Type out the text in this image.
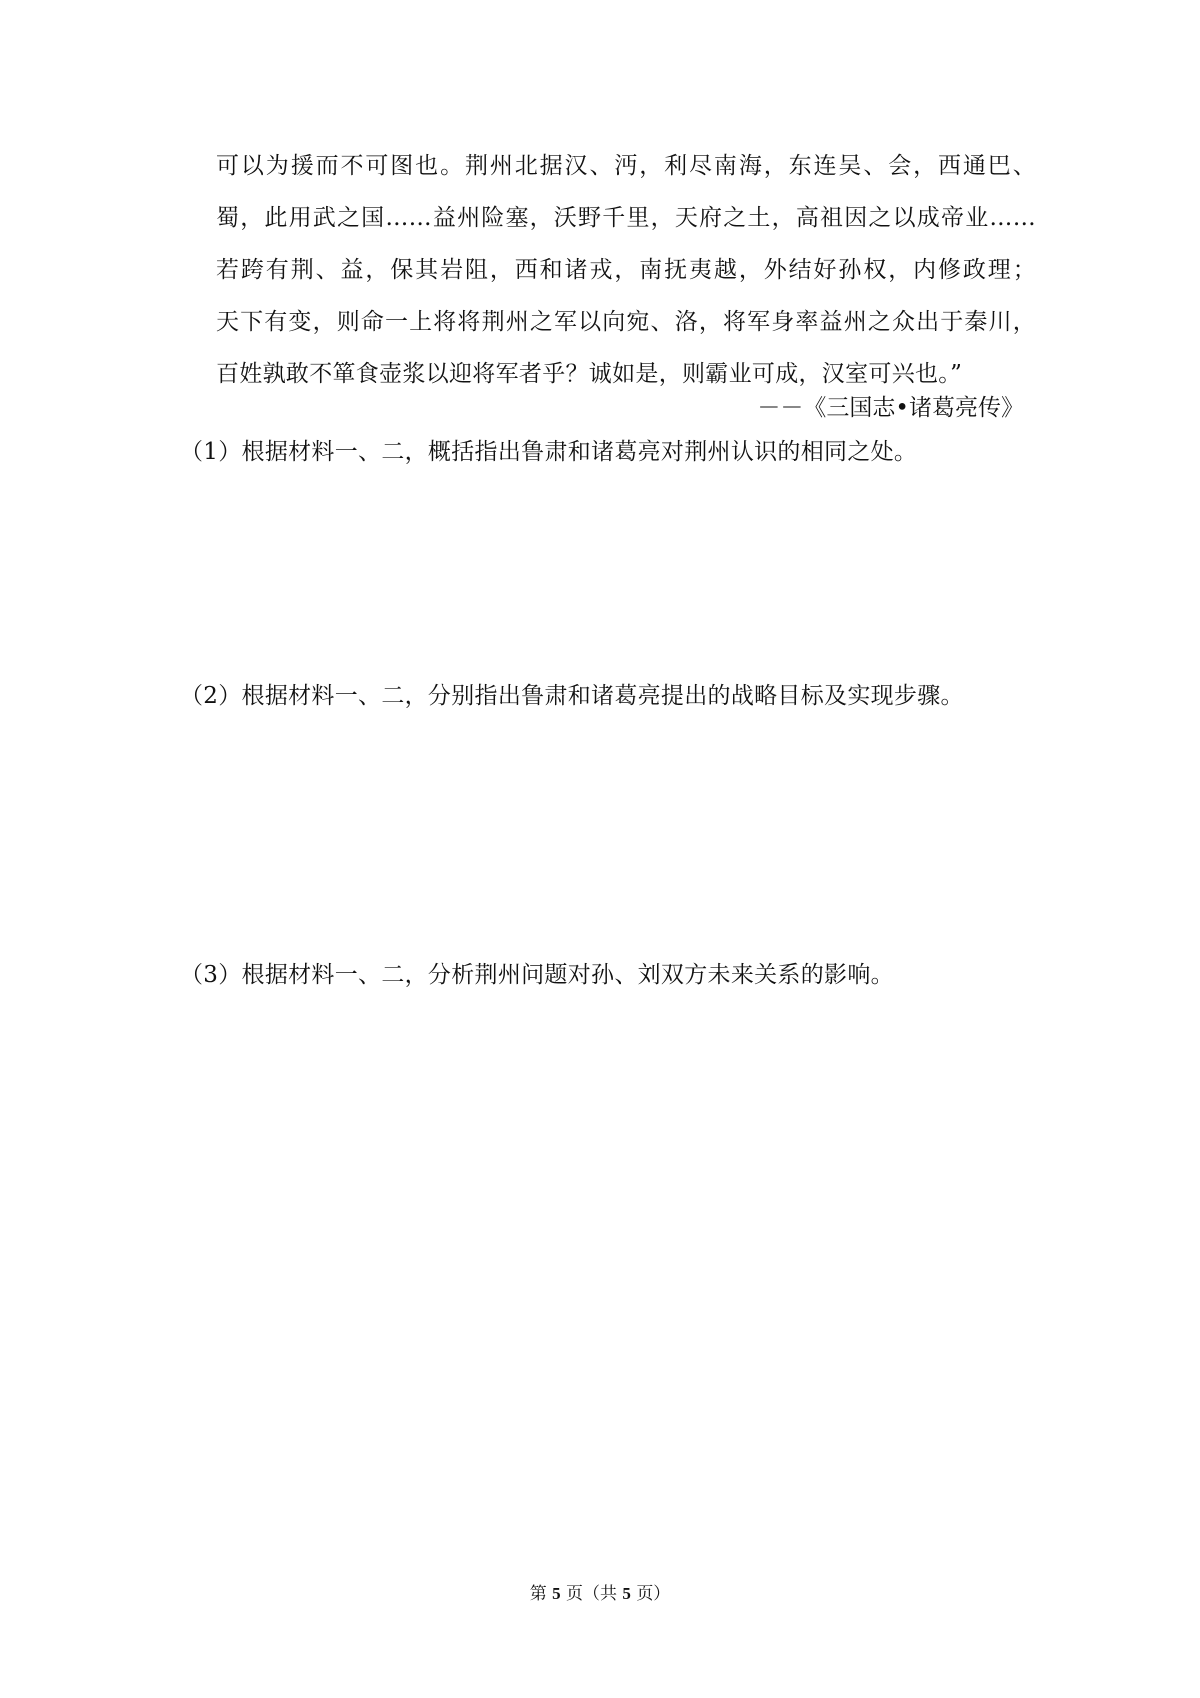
可以为援而不可图也。荆州北据汉、沔，利尽南海，东连吴、会，西通巴、
蜀，此用武之国……益州险塞，沃野千里，天府之土，高祖因之以成帝业……
若跨有荆、益，保其岩阻，西和诸戎，南抚夷越，外结好孙权，内修政理；
天下有变，则命一上将将荆州之军以向宛、洛，将军身率益州之众出于秦川，
百姓孰敢不箪食壶浆以迎将军者乎？诚如是，则霸业可成，汉室可兴也。”
－－《三国志•诸葛亮传》
（1）根据材料一、二，概括指出鲁肃和诸葛亮对荆州认识的相同之处。
（2）根据材料一、二，分别指出鲁肃和诸葛亮提出的战略目标及实现步骤。
（3）根据材料一、二，分析荆州问题对孙、刘双方未来关系的影响。
第 5 页（共 5 页）
